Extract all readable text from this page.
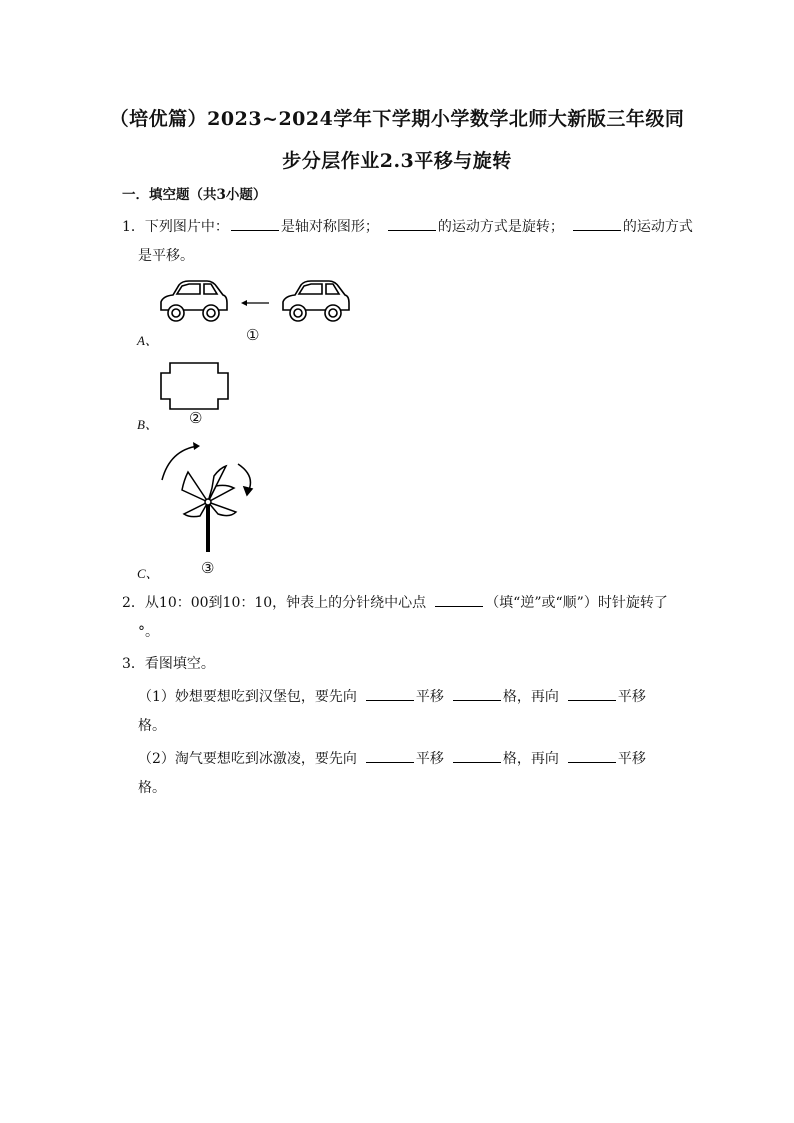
（培优篇）2023~2024学年下学期小学数学北师大新版三年级同
步分层作业2.3平移与旋转
一．填空题（共3小题）
1．下列图片中：	是轴对称图形； 	的运动方式是旋转； 	的运动方式
是平移。
A、	①
B、 ②
C、	③
2．从10：00到10：10，钟表上的分针绕中心点 	（填“逆”或“顺”）时针旋转了
°。
3．看图填空。
（1）妙想要想吃到汉堡包，要先向 	平移 	格，再向 	平移
格。
（2）淘气要想吃到冰激凌，要先向 	平移 	格，再向 	平移
格。
